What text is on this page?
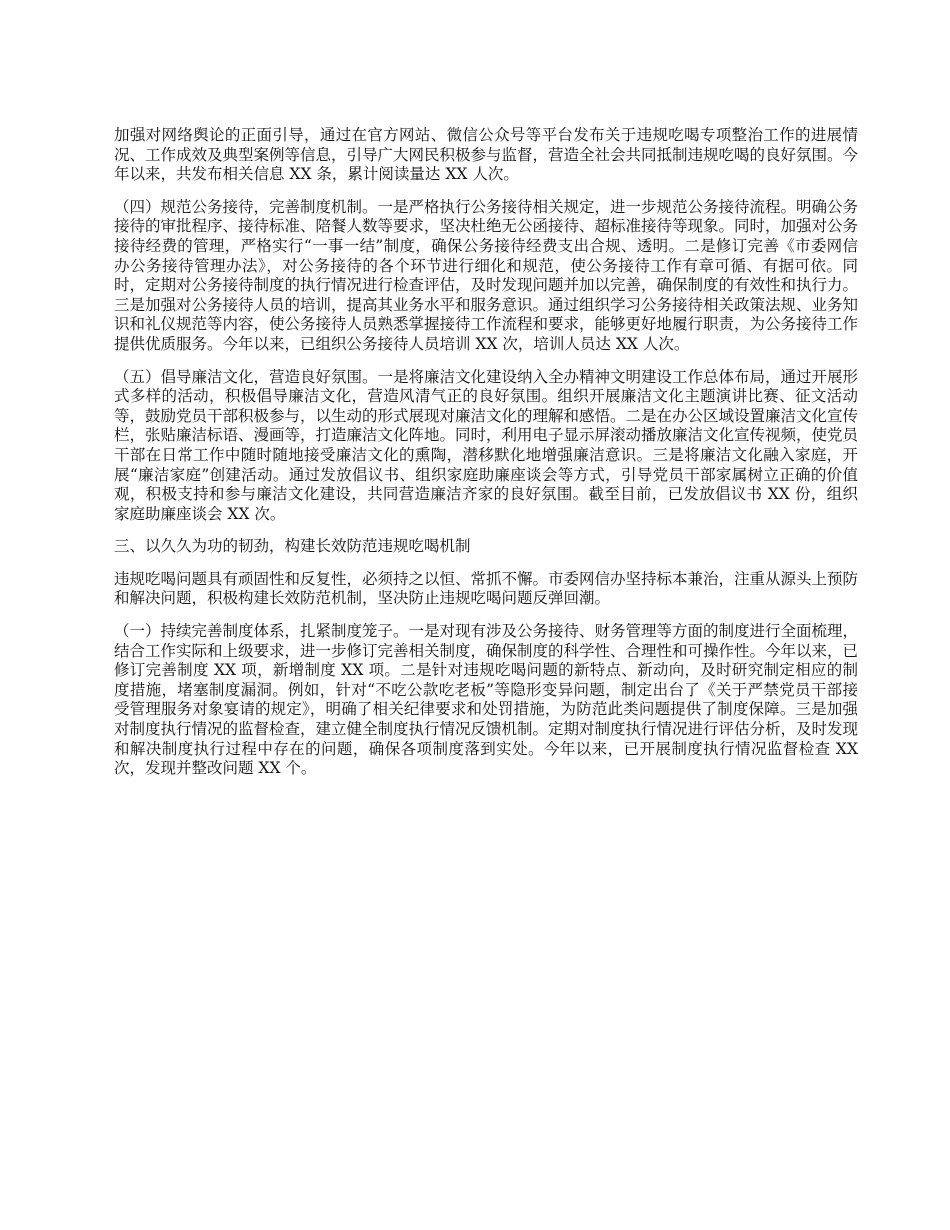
加强对网络舆论的正面引导，通过在官方网站、微信公众号等平台发布关于违规吃喝专项整治工作的进展情况、工作成效及典型案例等信息，引导广大网民积极参与监督，营造全社会共同抵制违规吃喝的良好氛围。今年以来，共发布相关信息 XX 条，累计阅读量达 XX 人次。

（四）规范公务接待，完善制度机制。一是严格执行公务接待相关规定，进一步规范公务接待流程。明确公务接待的审批程序、接待标准、陪餐人数等要求，坚决杜绝无公函接待、超标准接待等现象。同时，加强对公务接待经费的管理，严格实行“一事一结”制度，确保公务接待经费支出合规、透明。二是修订完善《市委网信办公务接待管理办法》，对公务接待的各个环节进行细化和规范，使公务接待工作有章可循、有据可依。同时，定期对公务接待制度的执行情况进行检查评估，及时发现问题并加以完善，确保制度的有效性和执行力。三是加强对公务接待人员的培训，提高其业务水平和服务意识。通过组织学习公务接待相关政策法规、业务知识和礼仪规范等内容，使公务接待人员熟悉掌握接待工作流程和要求，能够更好地履行职责，为公务接待工作提供优质服务。今年以来，已组织公务接待人员培训 XX 次，培训人员达 XX 人次。

（五）倡导廉洁文化，营造良好氛围。一是将廉洁文化建设纳入全办精神文明建设工作总体布局，通过开展形式多样的活动，积极倡导廉洁文化，营造风清气正的良好氛围。组织开展廉洁文化主题演讲比赛、征文活动等，鼓励党员干部积极参与，以生动的形式展现对廉洁文化的理解和感悟。二是在办公区域设置廉洁文化宣传栏，张贴廉洁标语、漫画等，打造廉洁文化阵地。同时，利用电子显示屏滚动播放廉洁文化宣传视频，使党员干部在日常工作中随时随地接受廉洁文化的熏陶，潜移默化地增强廉洁意识。三是将廉洁文化融入家庭，开展“廉洁家庭”创建活动。通过发放倡议书、组织家庭助廉座谈会等方式，引导党员干部家属树立正确的价值观，积极支持和参与廉洁文化建设，共同营造廉洁齐家的良好氛围。截至目前，已发放倡议书 XX 份，组织家庭助廉座谈会 XX 次。

三、以久久为功的韧劲，构建长效防范违规吃喝机制

违规吃喝问题具有顽固性和反复性，必须持之以恒、常抓不懈。市委网信办坚持标本兼治，注重从源头上预防和解决问题，积极构建长效防范机制，坚决防止违规吃喝问题反弹回潮。

（一）持续完善制度体系，扎紧制度笼子。一是对现有涉及公务接待、财务管理等方面的制度进行全面梳理，结合工作实际和上级要求，进一步修订完善相关制度，确保制度的科学性、合理性和可操作性。今年以来，已修订完善制度 XX 项，新增制度 XX 项。二是针对违规吃喝问题的新特点、新动向，及时研究制定相应的制度措施，堵塞制度漏洞。例如，针对“不吃公款吃老板”等隐形变异问题，制定出台了《关于严禁党员干部接受管理服务对象宴请的规定》，明确了相关纪律要求和处罚措施，为防范此类问题提供了制度保障。三是加强对制度执行情况的监督检查，建立健全制度执行情况反馈机制。定期对制度执行情况进行评估分析，及时发现和解决制度执行过程中存在的问题，确保各项制度落到实处。今年以来，已开展制度执行情况监督检查 XX 次，发现并整改问题 XX 个。
